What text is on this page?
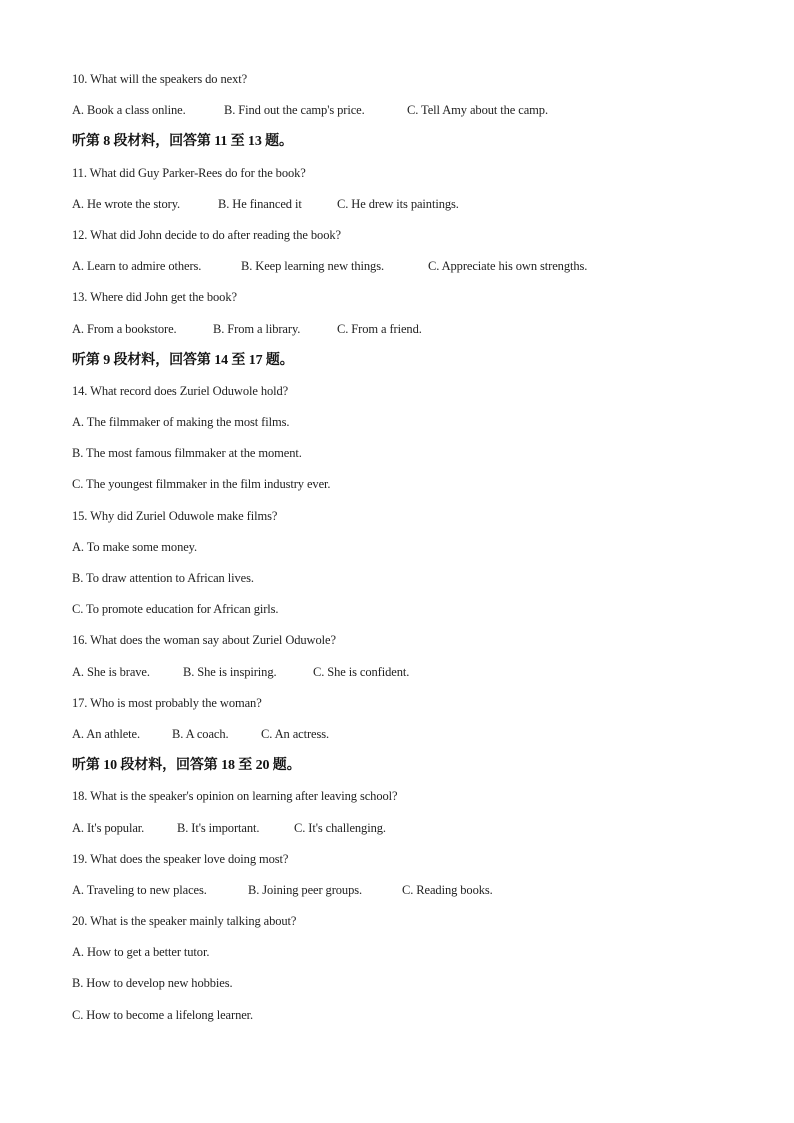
10. What will the speakers do next?
A. Book a class online.	B. Find out the camp's price.	C. Tell Amy about the camp.
听第 8 段材料，回答第 11 至 13 题。
11. What did Guy Parker-Rees do for the book?
A. He wrote the story.	B. He financed it	C. He drew its paintings.
12. What did John decide to do after reading the book?
A. Learn to admire others.	B. Keep learning new things.	C. Appreciate his own strengths.
13. Where did John get the book?
A. From a bookstore.	B. From a library.	C. From a friend.
听第 9 段材料，回答第 14 至 17 题。
14. What record does Zuriel Oduwole hold?
A. The filmmaker of making the most films.
B. The most famous filmmaker at the moment.
C. The youngest filmmaker in the film industry ever.
15. Why did Zuriel Oduwole make films?
A. To make some money.
B. To draw attention to African lives.
C. To promote education for African girls.
16. What does the woman say about Zuriel Oduwole?
A. She is brave.	B. She is inspiring.	C. She is confident.
17. Who is most probably the woman?
A. An athlete.	B. A coach.	C. An actress.
听第 10 段材料，回答第 18 至 20 题。
18. What is the speaker's opinion on learning after leaving school?
A. It's popular.	B. It's important.	C. It's challenging.
19. What does the speaker love doing most?
A. Traveling to new places.	B. Joining peer groups.	C. Reading books.
20. What is the speaker mainly talking about?
A. How to get a better tutor.
B. How to develop new hobbies.
C. How to become a lifelong learner.
